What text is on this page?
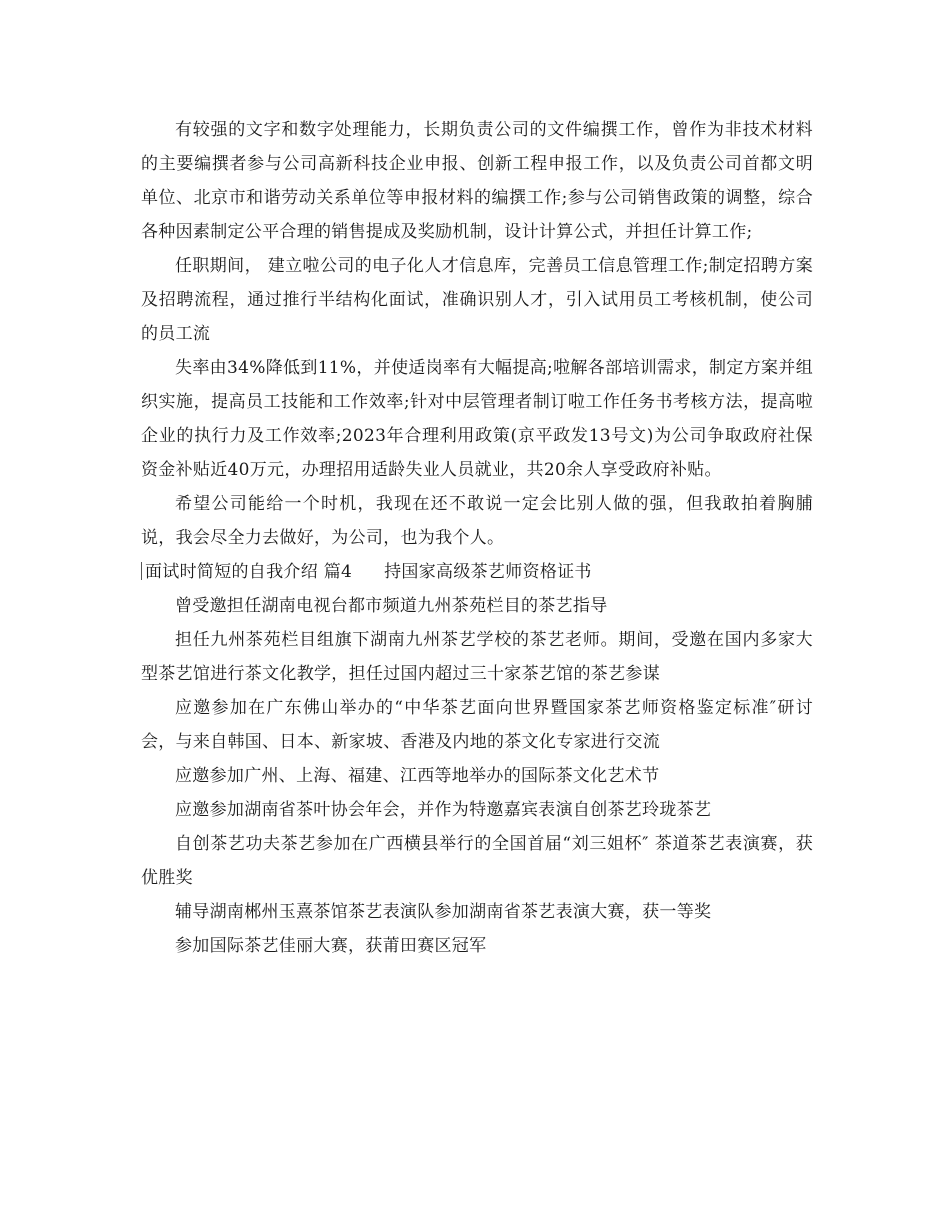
有较强的文字和数字处理能力，长期负责公司的文件编撰工作，曾作为非技术材料的主要编撰者参与公司高新科技企业申报、创新工程申报工作，以及负责公司首都文明单位、北京市和谐劳动关系单位等申报材料的编撰工作;参与公司销售政策的调整，综合各种因素制定公平合理的销售提成及奖励机制，设计计算公式，并担任计算工作;

任职期间， 建立啦公司的电子化人才信息库，完善员工信息管理工作;制定招聘方案及招聘流程，通过推行半结构化面试，准确识别人才，引入试用员工考核机制，使公司的员工流

失率由34%降低到11%，并使适岗率有大幅提高;啦解各部培训需求，制定方案并组织实施，提高员工技能和工作效率;针对中层管理者制订啦工作任务书考核方法，提高啦企业的执行力及工作效率;2023年合理利用政策(京平政发13号文)为公司争取政府社保资金补贴近40万元，办理招用适龄失业人员就业，共20余人享受政府补贴。

希望公司能给一个时机，我现在还不敢说一定会比别人做的强，但我敢拍着胸脯说，我会尽全力去做好，为公司，也为我个人。

面试时简短的自我介绍 篇4 持国家高级茶艺师资格证书

曾受邀担任湖南电视台都市频道九州茶苑栏目的茶艺指导

担任九州茶苑栏目组旗下湖南九州茶艺学校的茶艺老师。期间，受邀在国内多家大型茶艺馆进行茶文化教学，担任过国内超过三十家茶艺馆的茶艺参谋

应邀参加在广东佛山举办的“中华茶艺面向世界暨国家茶艺师资格鉴定标准″研讨会，与来自韩国、日本、新家坡、香港及内地的茶文化专家进行交流

应邀参加广州、上海、福建、江西等地举办的国际茶文化艺术节

应邀参加湖南省茶叶协会年会，并作为特邀嘉宾表演自创茶艺玲珑茶艺

自创茶艺功夫茶艺参加在广西横县举行的全国首届“刘三姐杯″ 茶道茶艺表演赛，获优胜奖

辅导湖南郴州玉熹茶馆茶艺表演队参加湖南省茶艺表演大赛，获一等奖

参加国际茶艺佳丽大赛，获莆田赛区冠军
